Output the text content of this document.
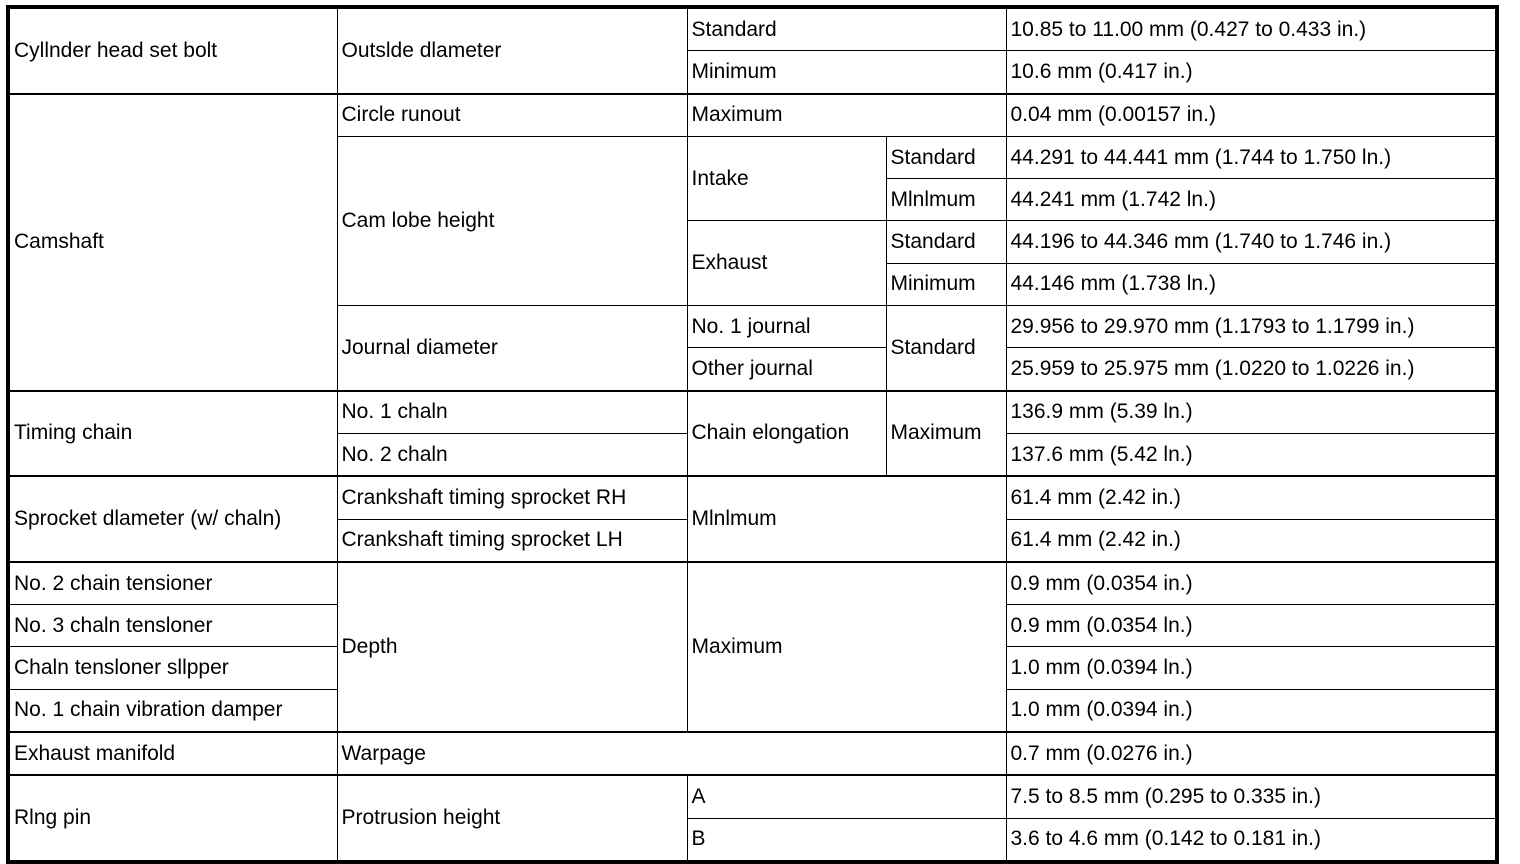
Cyllnder head set bolt	Outslde dlameter	Standard		10.85 to 11.00 mm (0.427 to 0.433 in.)
		Minimum		10.6 mm (0.417 in.)
Camshaft	Circle runout	Maximum		0.04 mm (0.00157 in.)
	Cam lobe height	Intake	Standard	44.291 to 44.441 mm (1.744 to 1.750 ln.)
			Mlnlmum	44.241 mm (1.742 ln.)
		Exhaust	Standard	44.196 to 44.346 mm (1.740 to 1.746 in.)
			Minimum	44.146 mm (1.738 ln.)
	Journal diameter	No. 1 journal	Standard	29.956 to 29.970 mm (1.1793 to 1.1799 in.)
		Other journal		25.959 to 25.975 mm (1.0220 to 1.0226 in.)
Timing chain	No. 1 chaln	Chain elongation	Maximum	136.9 mm (5.39 ln.)
	No. 2 chaln			137.6 mm (5.42 ln.)
Sprocket dlameter (w/ chaln)	Crankshaft timing sprocket RH	Mlnlmum		61.4 mm (2.42 in.)
	Crankshaft timing sprocket LH			61.4 mm (2.42 in.)
No. 2 chain tensioner	Depth	Maximum		0.9 mm (0.0354 in.)
No. 3 chaln tensloner				0.9 mm (0.0354 ln.)
Chaln tensloner sllpper				1.0 mm (0.0394 ln.)
No. 1 chain vibration damper				1.0 mm (0.0394 in.)
Exhaust manifold	Warpage			0.7 mm (0.0276 in.)
Rlng pin	Protrusion height	A		7.5 to 8.5 mm (0.295 to 0.335 in.)
		B		3.6 to 4.6 mm (0.142 to 0.181 in.)
